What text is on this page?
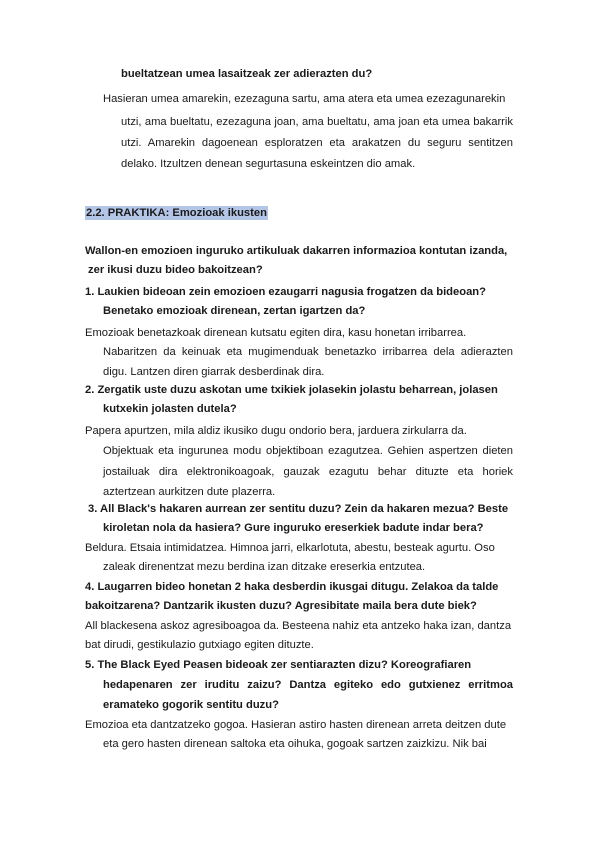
bueltatzean umea lasaitzeak zer adierazten du?

Hasieran umea amarekin, ezezaguna sartu, ama atera eta umea ezezagunarekin

utzi, ama bueltatu, ezezaguna joan, ama bueltatu, ama joan eta umea bakarrik utzi. Amarekin dagoenean esploratzen eta arakatzen du seguru sentitzen delako. Itzultzen denean segurtasuna eskeintzen dio amak.

2.2. PRAKTIKA: Emozioak ikusten

Wallon-en emozioen inguruko artikuluak dakarren informazioa kontutan izanda,

zer ikusi duzu bideo bakoitzean?

1. Laukien bideoan zein emozioen ezaugarri nagusia frogatzen da bideoan?

Benetako emozioak direnean, zertan igartzen da?

Emozioak benetazkoak direnean kutsatu egiten dira, kasu honetan irribarrea.

Nabaritzen da keinuak eta mugimenduak benetazko irribarrea dela adierazten digu. Lantzen diren giarrak desberdinak dira.

2. Zergatik uste duzu askotan ume txikiek jolasekin jolastu beharrean, jolasen

kutxekin jolasten dutela?

Papera apurtzen, mila aldiz ikusiko dugu ondorio bera, jarduera zirkularra da.

Objektuak eta ingurunea modu objektiboan ezagutzea. Gehien aspertzen dieten jostailuak dira elektronikoagoak, gauzak ezagutu behar dituzte eta horiek aztertzean aurkitzen dute plazerra.

3. All Black's hakaren aurrean zer sentitu duzu? Zein da hakaren mezua? Beste

kiroletan nola da hasiera? Gure inguruko ereserkiek badute indar bera?

Beldura. Etsaia intimidatzea. Himnoa jarri, elkarlotuta, abestu, besteak agurtu. Oso

zaleak direnentzat mezu berdina izan ditzake ereserkia entzutea.

4. Laugarren bideo honetan 2 haka desberdin ikusgai ditugu. Zelakoa da talde

bakoitzarena? Dantzarik ikusten duzu? Agresibitate maila bera dute biek?

All blackesena askoz agresiboagoa da. Besteena nahiz eta antzeko haka izan, dantza

bat dirudi, gestikulazio gutxiago egiten dituzte.

5. The Black Eyed Peasen bideoak zer sentiarazten dizu? Koreografiaren

hedapenaren zer iruditu zaizu? Dantza egiteko edo gutxienez erritmoa eramateko gogorik sentitu duzu?

Emozioa eta dantzatzeko gogoa. Hasieran astiro hasten direnean arreta deitzen dute

eta gero hasten direnean saltoka eta oihuka, gogoak sartzen zaizkizu. Nik bai
